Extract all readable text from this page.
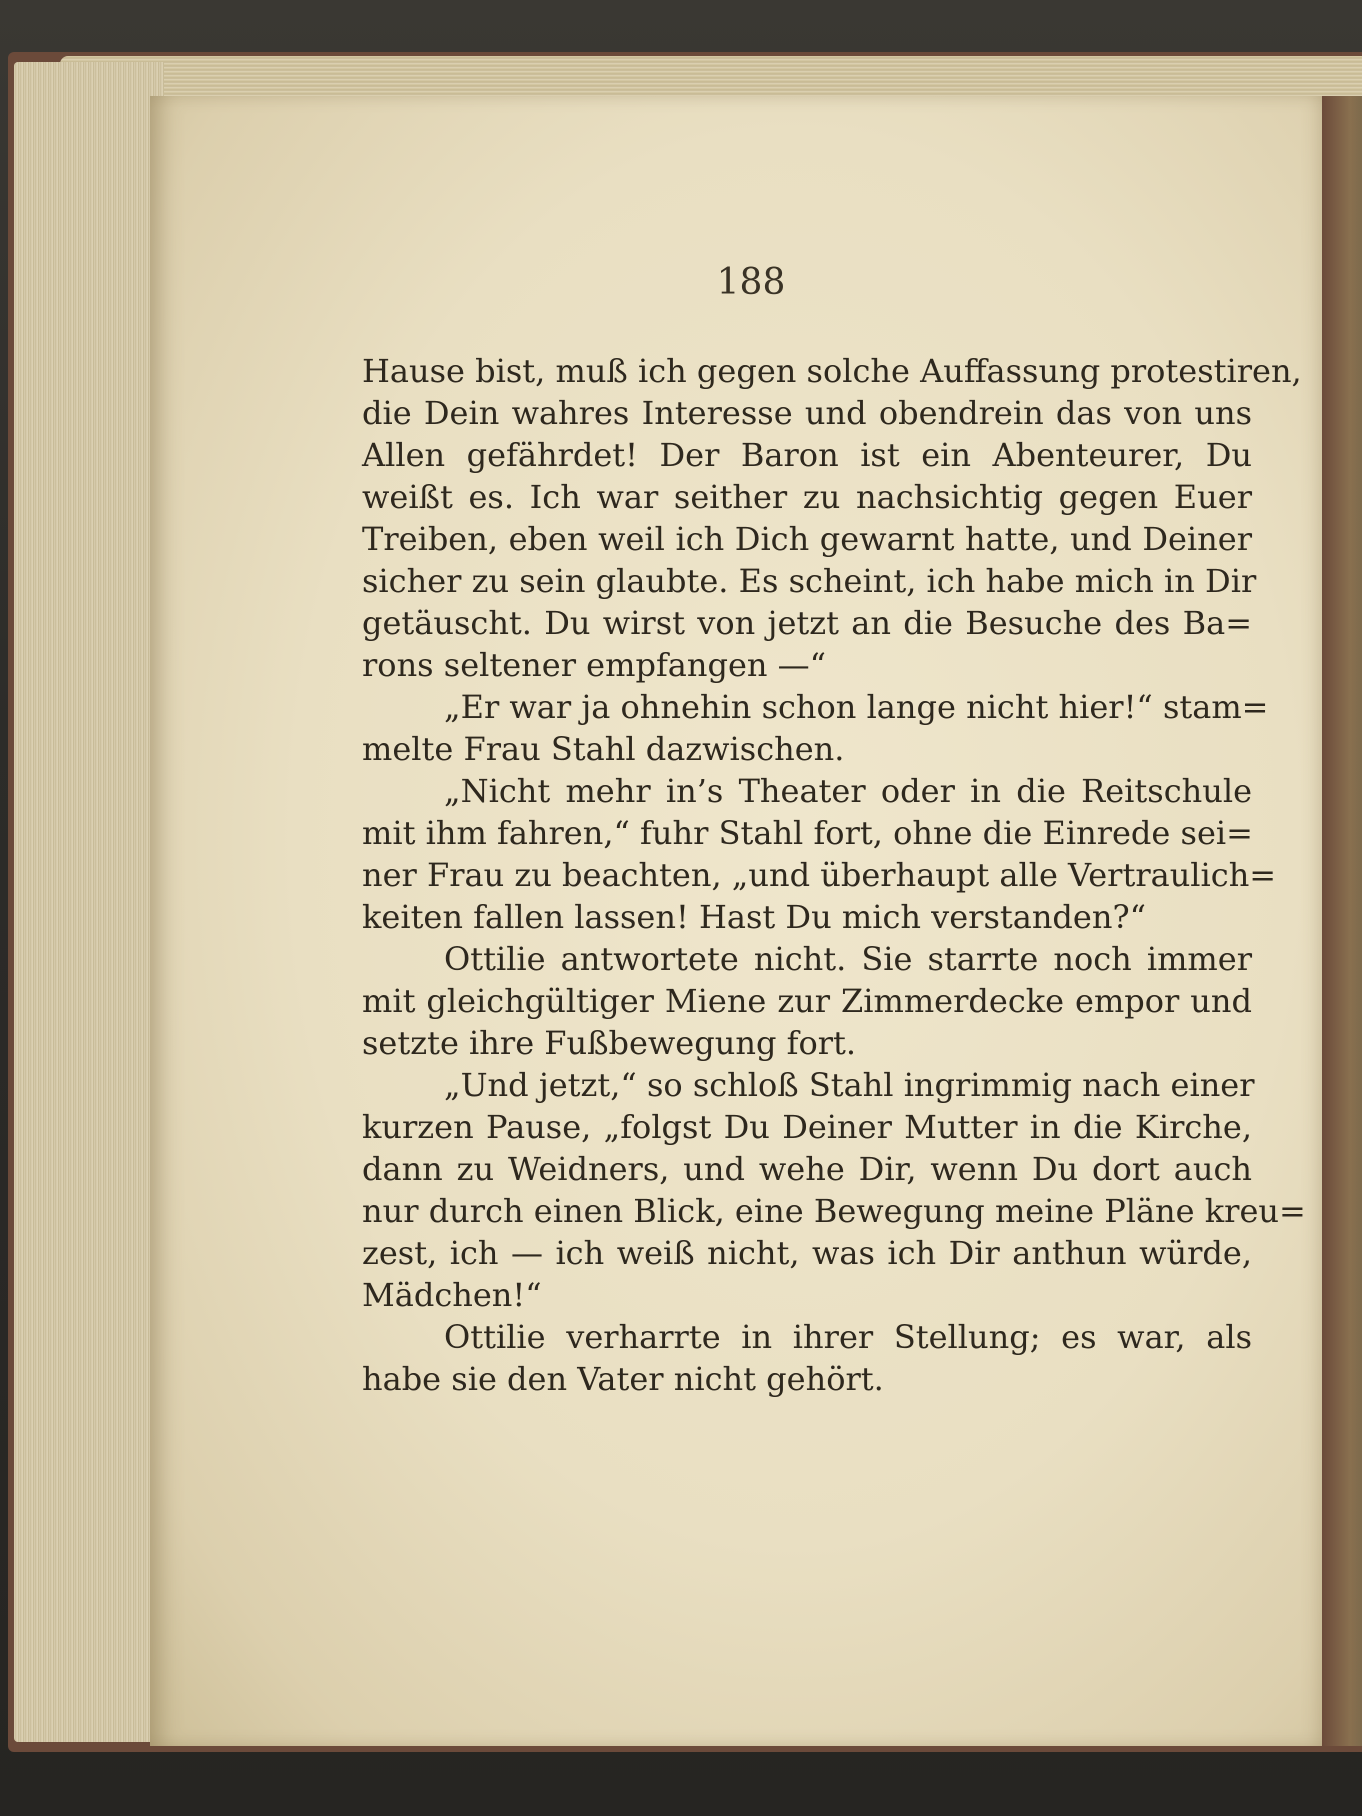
188
Hause bist, muß ich gegen solche Auffassung protestiren,
die Dein wahres Interesse und obendrein das von uns
Allen gefährdet! Der Baron ist ein Abenteurer, Du
weißt es. Ich war seither zu nachsichtig gegen Euer
Treiben, eben weil ich Dich gewarnt hatte, und Deiner
sicher zu sein glaubte. Es scheint, ich habe mich in Dir
getäuscht. Du wirst von jetzt an die Besuche des Ba=
rons seltener empfangen —“
„Er war ja ohnehin schon lange nicht hier!“ stam=
melte Frau Stahl dazwischen.
„Nicht mehr in’s Theater oder in die Reitschule
mit ihm fahren,“ fuhr Stahl fort, ohne die Einrede sei=
ner Frau zu beachten, „und überhaupt alle Vertraulich=
keiten fallen lassen! Hast Du mich verstanden?“
Ottilie antwortete nicht. Sie starrte noch immer
mit gleichgültiger Miene zur Zimmerdecke empor und
setzte ihre Fußbewegung fort.
„Und jetzt,“ so schloß Stahl ingrimmig nach einer
kurzen Pause, „folgst Du Deiner Mutter in die Kirche,
dann zu Weidners, und wehe Dir, wenn Du dort auch
nur durch einen Blick, eine Bewegung meine Pläne kreu=
zest, ich — ich weiß nicht, was ich Dir anthun würde,
Mädchen!“
Ottilie verharrte in ihrer Stellung; es war, als
habe sie den Vater nicht gehört.
